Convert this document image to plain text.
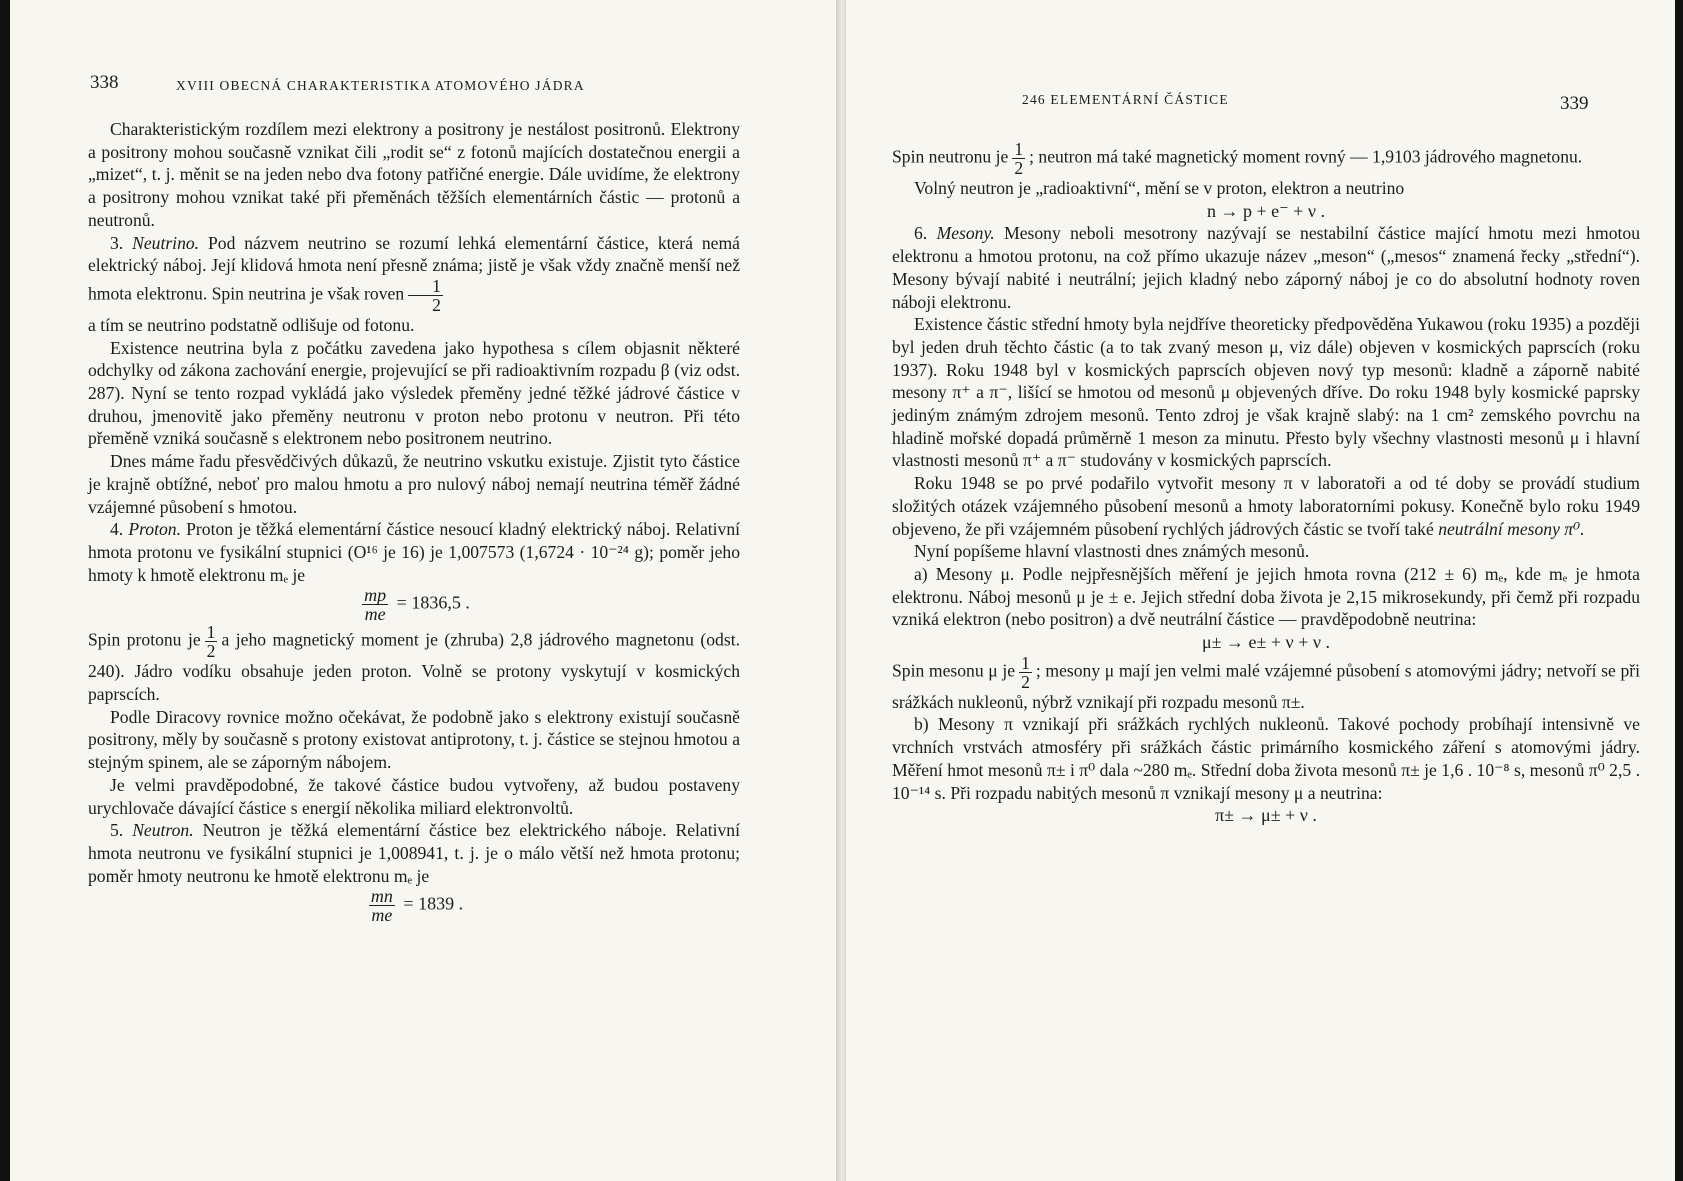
338	XVIII OBECNÁ CHARAKTERISTIKA ATOMOVÉHO JÁDRA

Charakteristickým rozdílem mezi elektrony a positrony je nestálost positronů. Elektrony a positrony mohou současně vznikat čili „rodit se“ z fotonů majících dostatečnou energii a „mizet“, t. j. měnit se na jeden nebo dva fotony patřičné energie. Dále uvidíme, že elektrony a positrony mohou vznikat také při přeměnách těžších elementárních částic — protonů a neutronů.

3. Neutrino. Pod názvem neutrino se rozumí lehká elementární částice, která nemá elektrický náboj. Její klidová hmota není přesně známa; jistě je však vždy značně menší než hmota elektronu. Spin neutrina je však roven $\frac{1}{2}$

a tím se neutrino podstatně odlišuje od fotonu.

Existence neutrina byla z počátku zavedena jako hypothesa s cílem objasnit některé odchylky od zákona zachování energie, projevující se při radioaktivním rozpadu β (viz odst. 287). Nyní se tento rozpad vykládá jako výsledek přeměny jedné těžké jádrové částice v druhou, jmenovitě jako přeměny neutronu v proton nebo protonu v neutron. Při této přeměně vzniká současně s elektronem nebo positronem neutrino.

Dnes máme řadu přesvědčivých důkazů, že neutrino vskutku existuje. Zjistit tyto částice je krajně obtížné, neboť pro malou hmotu a pro nulový náboj nemají neutrina téměř žádné vzájemné působení s hmotou.

4. Proton. Proton je těžká elementární částice nesoucí kladný elektrický náboj. Relativní hmota protonu ve fysikální stupnici (O¹⁶ je 16) je 1,007573 (1,6724 · 10⁻²⁴ g); poměr jeho hmoty k hmotě elektronu mₑ je

$\frac{mp}{me} = 1836,5$ .

Spin protonu je $\frac{1}{2}$ a jeho magnetický moment je (zhruba) 2,8 jádrového magnetonu (odst. 240). Jádro vodíku obsahuje jeden proton. Volně se protony vyskytují v kosmických paprscích.

Podle Diracovy rovnice možno očekávat, že podobně jako s elektrony existují současně positrony, měly by současně s protony existovat antiprotony, t. j. částice se stejnou hmotou a stejným spinem, ale se záporným nábojem.

Je velmi pravděpodobné, že takové částice budou vytvořeny, až budou postaveny urychlovače dávající částice s energií několika miliard elektronvoltů.

5. Neutron. Neutron je těžká elementární částice bez elektrického náboje. Relativní hmota neutronu ve fysikální stupnici je 1,008941, t. j. je o málo větší než hmota protonu; poměr hmoty neutronu ke hmotě elektronu mₑ je

$\frac{mn}{me} = 1839$ .

246 ELEMENTÁRNÍ ČÁSTICE	339

Spin neutronu je $\frac{1}{2}$ ; neutron má také magnetický moment rovný — 1,9103 jádrového magnetonu.

Volný neutron je „radioaktivní“, mění se v proton, elektron a neutrino

n → p + e⁻ + ν .

6. Mesony. Mesony neboli mesotrony nazývají se nestabilní částice mající hmotu mezi hmotou elektronu a hmotou protonu, na což přímo ukazuje název „meson“ („mesos“ znamená řecky „střední“). Mesony bývají nabité i neutrální; jejich kladný nebo záporný náboj je co do absolutní hodnoty roven náboji elektronu.

Existence částic střední hmoty byla nejdříve theoreticky předpověděna Yukawou (roku 1935) a později byl jeden druh těchto částic (a to tak zvaný meson μ, viz dále) objeven v kosmických paprscích (roku 1937). Roku 1948 byl v kosmických paprscích objeven nový typ mesonů: kladně a záporně nabité mesony π⁺ a π⁻, lišící se hmotou od mesonů μ objevených dříve. Do roku 1948 byly kosmické paprsky jediným známým zdrojem mesonů. Tento zdroj je však krajně slabý: na 1 cm² zemského povrchu na hladině mořské dopadá průměrně 1 meson za minutu. Přesto byly všechny vlastnosti mesonů μ i hlavní vlastnosti mesonů π⁺ a π⁻ studovány v kosmických paprscích.

Roku 1948 se po prvé podařilo vytvořit mesony π v laboratoři a od té doby se provádí studium složitých otázek vzájemného působení mesonů a hmoty laboratorními pokusy. Konečně bylo roku 1949 objeveno, že při vzájemném působení rychlých jádrových částic se tvoří také neutrální mesony π⁰.

Nyní popíšeme hlavní vlastnosti dnes známých mesonů.

a) Mesony μ. Podle nejpřesnějších měření je jejich hmota rovna (212 ± 6) mₑ, kde mₑ je hmota elektronu. Náboj mesonů μ je ± e. Jejich střední doba života je 2,15 mikrosekundy, při čemž při rozpadu vzniká elektron (nebo positron) a dvě neutrální částice — pravděpodobně neutrina:

μ± → e± + ν + ν .

Spin mesonu μ je $\frac{1}{2}$ ; mesony μ mají jen velmi malé vzájemné působení s atomovými jádry; netvoří se při srážkách nukleonů, nýbrž vznikají při rozpadu mesonů π±.

b) Mesony π vznikají při srážkách rychlých nukleonů. Takové pochody probíhají intensivně ve vrchních vrstvách atmosféry při srážkách částic primárního kosmického záření s atomovými jádry. Měření hmot mesonů π± i π⁰ dala ~280 mₑ. Střední doba života mesonů π± je 1,6 . 10⁻⁸ s, mesonů π⁰ 2,5 . 10⁻¹⁴ s. Při rozpadu nabitých mesonů π vznikají mesony μ a neutrina:

π± → μ± + ν .
